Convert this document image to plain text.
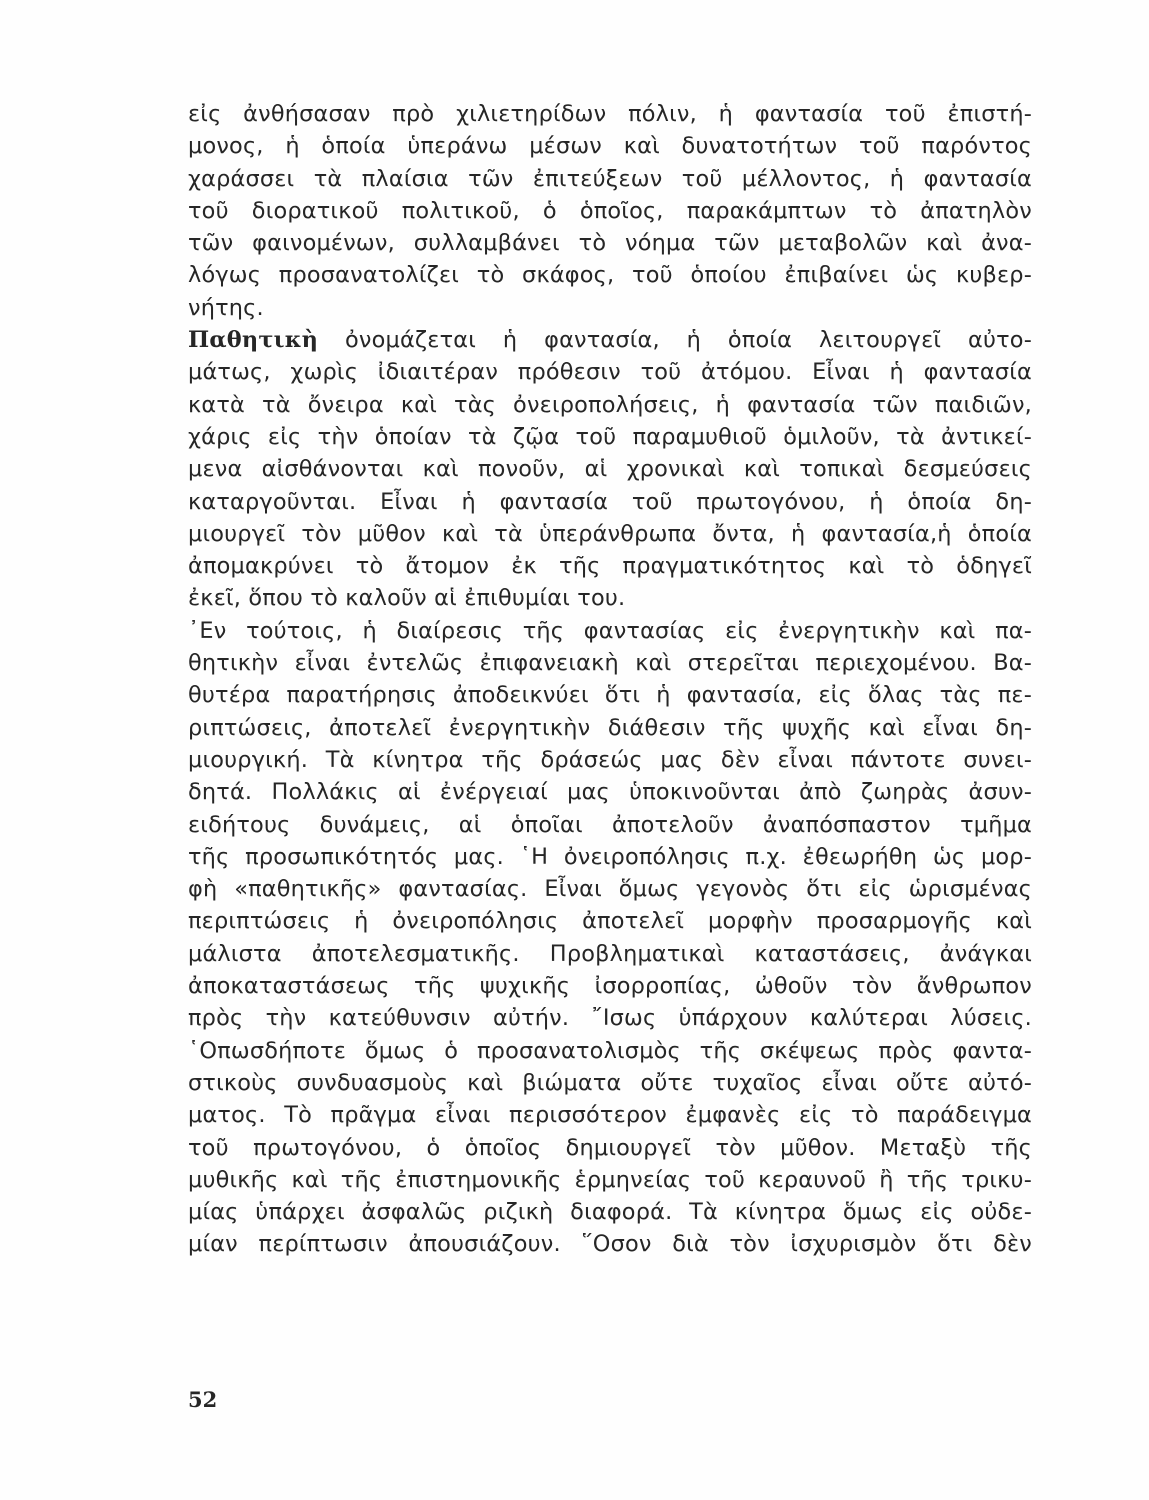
εἰς ἀνθήσασαν πρὸ χιλιετηρίδων πόλιν, ἡ φαντασία τοῦ ἐπιστή-
μονος, ἡ ὁποία ὑπεράνω μέσων καὶ δυνατοτήτων τοῦ παρόντος
χαράσσει τὰ πλαίσια τῶν ἐπιτεύξεων τοῦ μέλλοντος, ἡ φαντασία
τοῦ διορατικοῦ πολιτικοῦ, ὁ ὁποῖος, παρακάμπτων τὸ ἀπατηλὸν
τῶν φαινομένων, συλλαμβάνει τὸ νόημα τῶν μεταβολῶν καὶ ἀνα-
λόγως προσανατολίζει τὸ σκάφος, τοῦ ὁποίου ἐπιβαίνει ὡς κυβερ-
νήτης.
Παθητικὴ ὀνομάζεται ἡ φαντασία, ἡ ὁποία λειτουργεῖ αὐτο-
μάτως, χωρὶς ἰδιαιτέραν πρόθεσιν τοῦ ἀτόμου. Εἶναι ἡ φαντασία
κατὰ τὰ ὄνειρα καὶ τὰς ὀνειροπολήσεις, ἡ φαντασία τῶν παιδιῶν,
χάρις εἰς τὴν ὁποίαν τὰ ζῷα τοῦ παραμυθιοῦ ὁμιλοῦν, τὰ ἀντικεί-
μενα αἰσθάνονται καὶ πονοῦν, αἱ χρονικαὶ καὶ τοπικαὶ δεσμεύσεις
καταργοῦνται. Εἶναι ἡ φαντασία τοῦ πρωτογόνου, ἡ ὁποία δη-
μιουργεῖ τὸν μῦθον καὶ τὰ ὑπεράνθρωπα ὄντα, ἡ φαντασία,ἡ ὁποία
ἀπομακρύνει τὸ ἄτομον ἐκ τῆς πραγματικότητος καὶ τὸ ὁδηγεῖ
ἐκεῖ, ὅπου τὸ καλοῦν αἱ ἐπιθυμίαι του.
᾿Εν τούτοις, ἡ διαίρεσις τῆς φαντασίας εἰς ἐνεργητικὴν καὶ πα-
θητικὴν εἶναι ἐντελῶς ἐπιφανειακὴ καὶ στερεῖται περιεχομένου. Βα-
θυτέρα παρατήρησις ἀποδεικνύει ὅτι ἡ φαντασία, εἰς ὅλας τὰς πε-
ριπτώσεις, ἀποτελεῖ ἐνεργητικὴν διάθεσιν τῆς ψυχῆς καὶ εἶναι δη-
μιουργική. Τὰ κίνητρα τῆς δράσεώς μας δὲν εἶναι πάντοτε συνει-
δητά. Πολλάκις αἱ ἐνέργειαί μας ὑποκινοῦνται ἀπὸ ζωηρὰς ἀσυν-
ειδήτους δυνάμεις, αἱ ὁποῖαι ἀποτελοῦν ἀναπόσπαστον τμῆμα
τῆς προσωπικότητός μας. ῾Η ὀνειροπόλησις π.χ. ἐθεωρήθη ὡς μορ-
φὴ «παθητικῆς» φαντασίας. Εἶναι ὅμως γεγονὸς ὅτι εἰς ὡρισμένας
περιπτώσεις ἡ ὀνειροπόλησις ἀποτελεῖ μορφὴν προσαρμογῆς καὶ
μάλιστα ἀποτελεσματικῆς. Προβληματικαὶ καταστάσεις, ἀνάγκαι
ἀποκαταστάσεως τῆς ψυχικῆς ἰσορροπίας, ὠθοῦν τὸν ἄνθρωπον
πρὸς τὴν κατεύθυνσιν αὐτήν. ῎Ισως ὑπάρχουν καλύτεραι λύσεις.
῾Οπωσδήποτε ὅμως ὁ προσανατολισμὸς τῆς σκέψεως πρὸς φαντα-
στικοὺς συνδυασμοὺς καὶ βιώματα οὔτε τυχαῖος εἶναι οὔτε αὐτό-
ματος. Τὸ πρᾶγμα εἶναι περισσότερον ἐμφανὲς εἰς τὸ παράδειγμα
τοῦ πρωτογόνου, ὁ ὁποῖος δημιουργεῖ τὸν μῦθον. Μεταξὺ τῆς
μυθικῆς καὶ τῆς ἐπιστημονικῆς ἑρμηνείας τοῦ κεραυνοῦ ἢ τῆς τρικυ-
μίας ὑπάρχει ἀσφαλῶς ριζικὴ διαφορά. Τὰ κίνητρα ὅμως εἰς οὐδε-
μίαν περίπτωσιν ἀπουσιάζουν. ῞Οσον διὰ τὸν ἰσχυρισμὸν ὅτι δὲν
52
